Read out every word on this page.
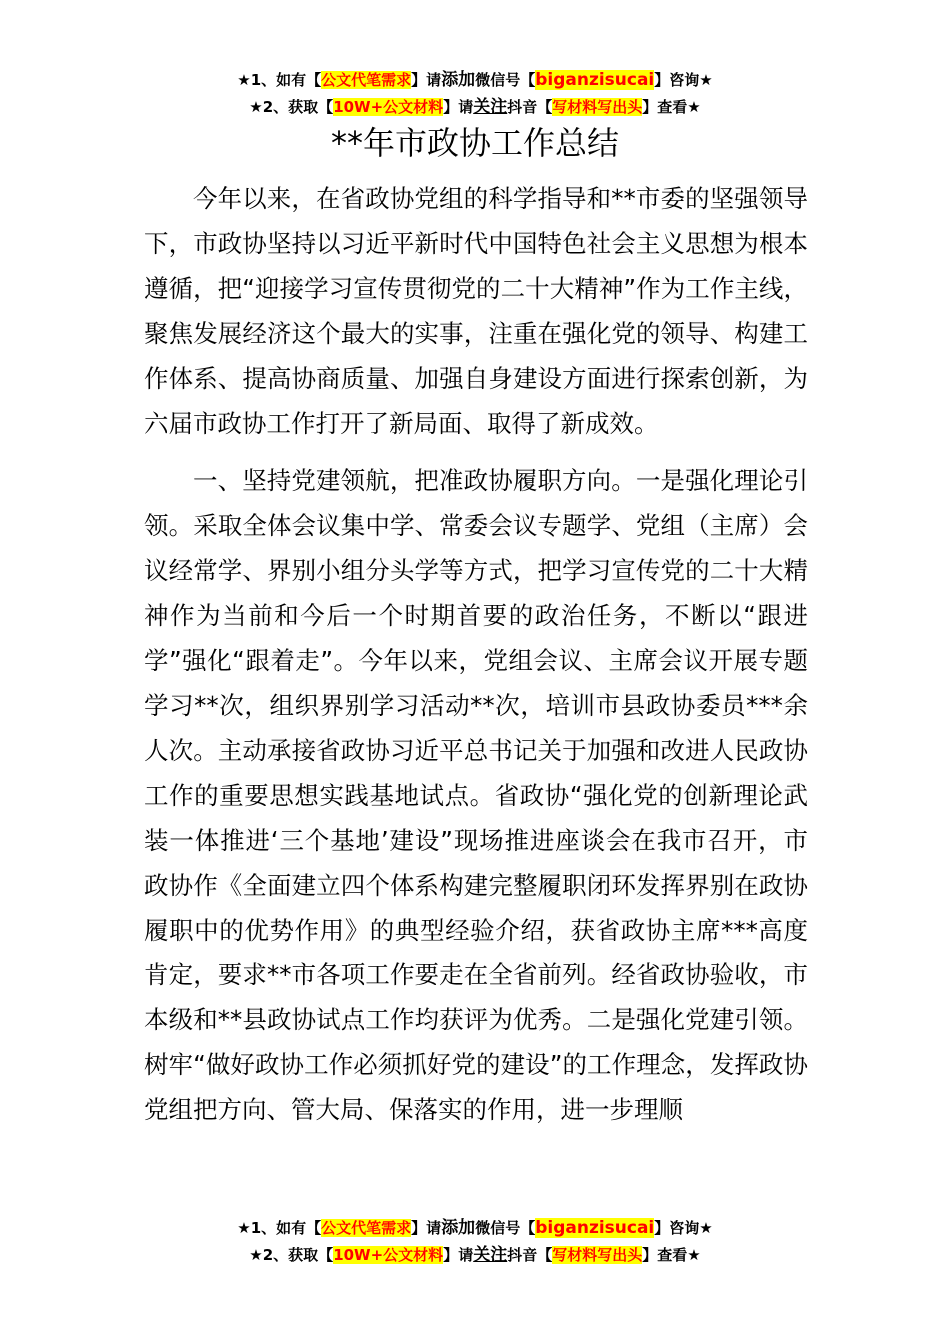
★1、如有【公文代笔需求】请添加微信号【biganzisucai】咨询★
★2、获取【10W+公文材料】请关注抖音【写材料写出头】查看★
**年市政协工作总结

今年以来，在省政协党组的科学指导和**市委的坚强领导下，市政协坚持以习近平新时代中国特色社会主义思想为根本遵循，把“迎接学习宣传贯彻党的二十大精神”作为工作主线，聚焦发展经济这个最大的实事，注重在强化党的领导、构建工作体系、提高协商质量、加强自身建设方面进行探索创新，为六届市政协工作打开了新局面、取得了新成效。

一、坚持党建领航，把准政协履职方向。一是强化理论引领。采取全体会议集中学、常委会议专题学、党组（主席）会议经常学、界别小组分头学等方式，把学习宣传党的二十大精神作为当前和今后一个时期首要的政治任务，不断以“跟进学”强化“跟着走”。今年以来，党组会议、主席会议开展专题学习**次，组织界别学习活动**次，培训市县政协委员***余人次。主动承接省政协习近平总书记关于加强和改进人民政协工作的重要思想实践基地试点。省政协“强化党的创新理论武装一体推进‘三个基地’建设”现场推进座谈会在我市召开，市政协作《全面建立四个体系构建完整履职闭环发挥界别在政协履职中的优势作用》的典型经验介绍，获省政协主席***高度肯定，要求**市各项工作要走在全省前列。经省政协验收，市本级和**县政协试点工作均获评为优秀。二是强化党建引领。树牢“做好政协工作必须抓好党的建设”的工作理念，发挥政协党组把方向、管大局、保落实的作用，进一步理顺

★1、如有【公文代笔需求】请添加微信号【biganzisucai】咨询★
★2、获取【10W+公文材料】请关注抖音【写材料写出头】查看★
